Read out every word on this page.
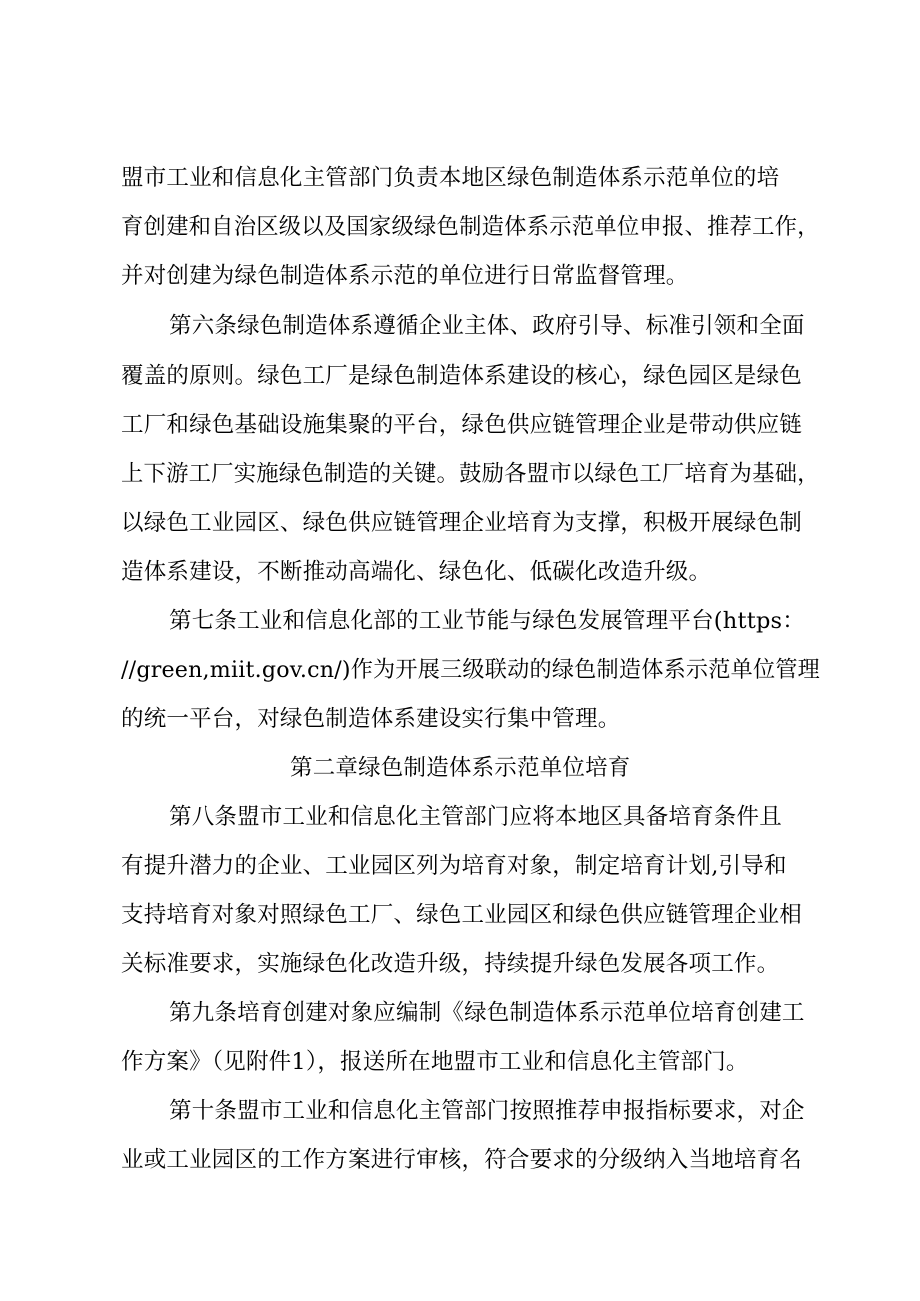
盟市工业和信息化主管部门负责本地区绿色制造体系示范单位的培
育创建和自治区级以及国家级绿色制造体系示范单位申报、推荐工作，
并对创建为绿色制造体系示范的单位进行日常监督管理。
第六条绿色制造体系遵循企业主体、政府引导、标准引领和全面
覆盖的原则。绿色工厂是绿色制造体系建设的核心，绿色园区是绿色
工厂和绿色基础设施集聚的平台，绿色供应链管理企业是带动供应链
上下游工厂实施绿色制造的关键。鼓励各盟市以绿色工厂培育为基础，
以绿色工业园区、绿色供应链管理企业培育为支撑，积极开展绿色制
造体系建设，不断推动高端化、绿色化、低碳化改造升级。
第七条工业和信息化部的工业节能与绿色发展管理平台(https：
//green,miit.gov.cn/)作为开展三级联动的绿色制造体系示范单位管理
的统一平台，对绿色制造体系建设实行集中管理。
第二章绿色制造体系示范单位培育
第八条盟市工业和信息化主管部门应将本地区具备培育条件且
有提升潜力的企业、工业园区列为培育对象，制定培育计划,引导和
支持培育对象对照绿色工厂、绿色工业园区和绿色供应链管理企业相
关标准要求，实施绿色化改造升级，持续提升绿色发展各项工作。
第九条培育创建对象应编制《绿色制造体系示范单位培育创建工
作方案》（见附件1），报送所在地盟市工业和信息化主管部门。
第十条盟市工业和信息化主管部门按照推荐申报指标要求，对企
业或工业园区的工作方案进行审核，符合要求的分级纳入当地培育名
